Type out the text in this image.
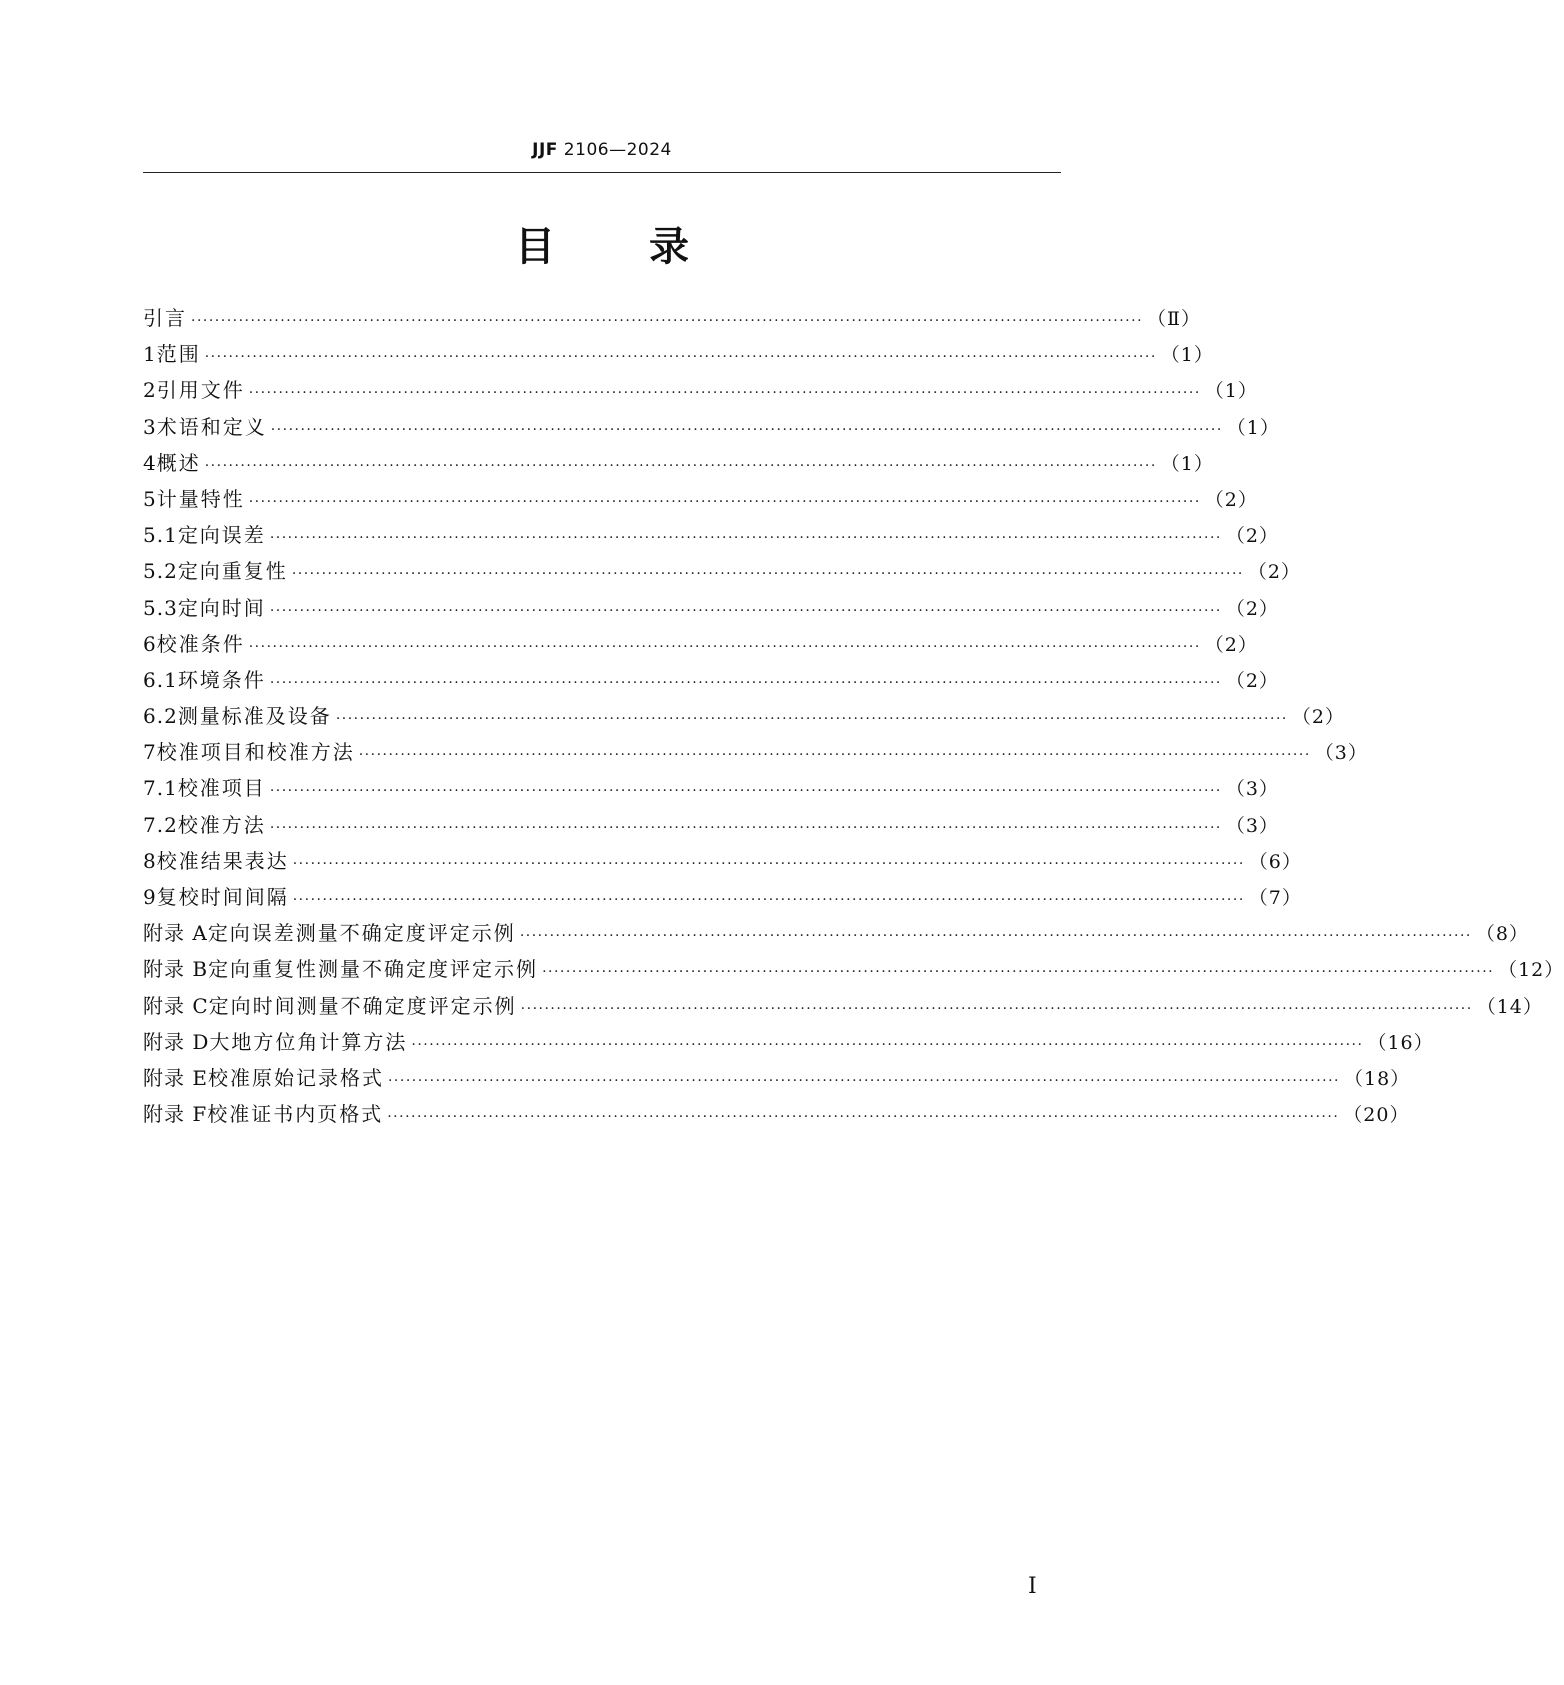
JJF 2106—2024
目录
引言 ································································································································································ （Ⅱ）
1 范围 ································································································································································ （1）
2 引用文件 ································································································································································ （1）
3 术语和定义 ································································································································································ （1）
4 概述 ································································································································································ （1）
5 计量特性 ································································································································································ （2）
5.1 定向误差 ································································································································································ （2）
5.2 定向重复性 ································································································································································ （2）
5.3 定向时间 ································································································································································ （2）
6 校准条件 ································································································································································ （2）
6.1 环境条件 ································································································································································ （2）
6.2 测量标准及设备 ································································································································································ （2）
7 校准项目和校准方法 ································································································································································ （3）
7.1 校准项目 ································································································································································ （3）
7.2 校准方法 ································································································································································ （3）
8 校准结果表达 ································································································································································ （6）
9 复校时间间隔 ································································································································································ （7）
附录 A 定向误差测量不确定度评定示例 ································································································································································ （8）
附录 B 定向重复性测量不确定度评定示例 ································································································································································ （12）
附录 C 定向时间测量不确定度评定示例 ································································································································································ （14）
附录 D 大地方位角计算方法 ································································································································································ （16）
附录 E 校准原始记录格式 ································································································································································ （18）
附录 F 校准证书内页格式 ································································································································································ （20）
I
